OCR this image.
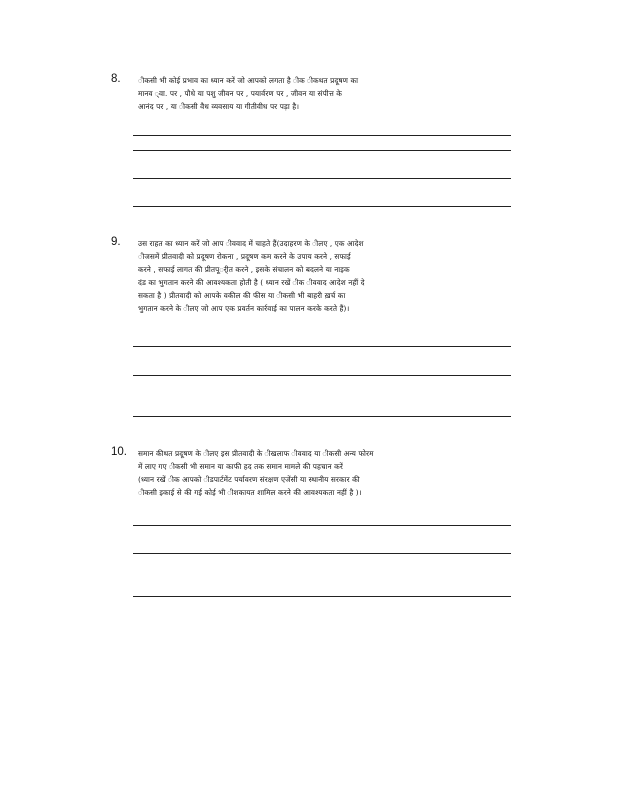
8. ीकसी भी कोई प्रभाव का ध्यान करें जो आपको लगता है ीक ीकथत प्रदूषण का
मानव ्वा. पर , पौधे या पशु जीवन पर , पयार्वरण पर , जीवन या संपीत्त के
आनंद पर , या ीकसी वैध व्यवसाय या गीतीवीध पर पड़ा है।
9. उस राहत का ध्यान करें जो आप ीववाद में चाहते हैं(उदाहरण के ीलए , एक आदेश
ीजसमें प्रीतवादी को प्रदूषण रोकना , प्रदूषण कम करने के उपाय करने , सफाई
करने , सफाई लागत की प्रीतपूर्ीत करने , इसके संचालन को बदलने या नाइक
दंड का भुगतान करने की आवश्यकता होती है ( ध्यान रखें ीक ीववाद आदेश नहीं दे
सकता है ) प्रीतवादी को आपके वकील की फीस या ीकसी भी बाहरी ख़र्च का
भुगतान करने के ीलए जो आप एक प्रवर्तन कार्रवाई का पालन करके करते हैं)।
10. समान कीथत प्रदूषण के ीलए इस प्रीतवादी के ीखलाफ ीववाद या ीकसी अन्य फोरम
में लाए गए ीकसी भी समान या काफी हद तक समान मामले की पहचान करें
(ध्यान रखें ीक आपको ीडपार्टमेंट पर्यावरण संरक्षण एजेंसी या स्थानीय सरकार की
ीकसी इकाई से की गई कोई भी ीशकायत शामिल करने की आवश्यकता नहीं है )।
